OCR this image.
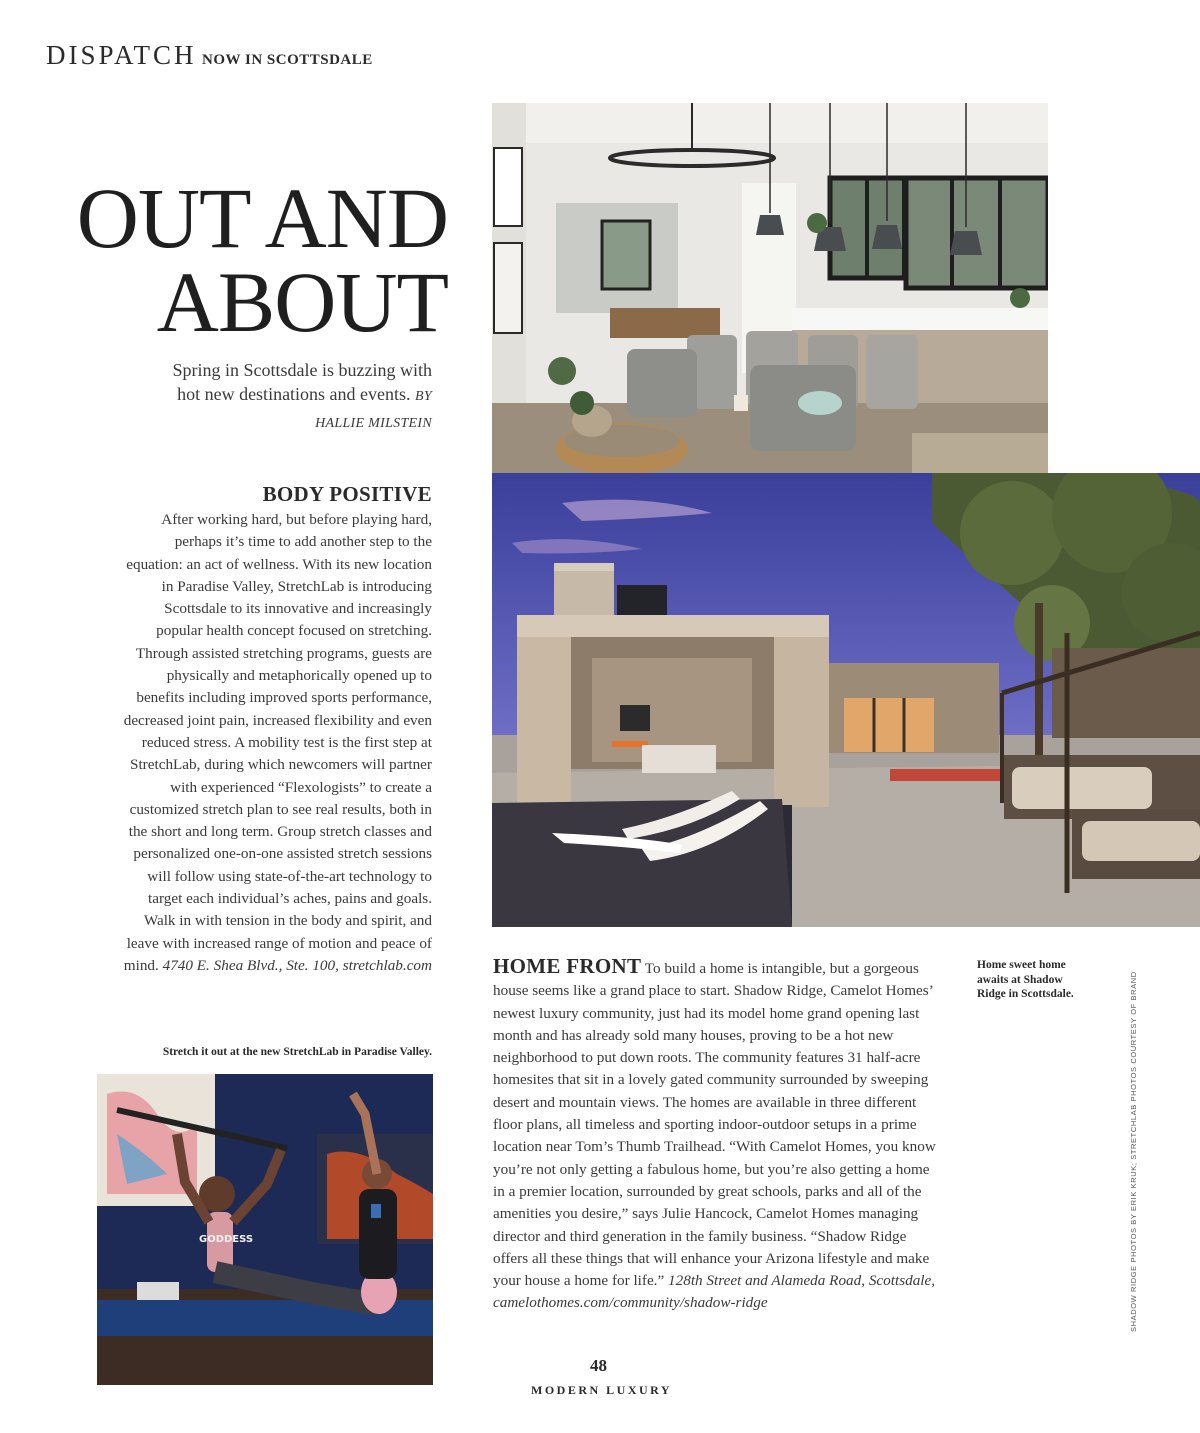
DISPATCH NOW IN SCOTTSDALE
OUT AND
ABOUT
Spring in Scottsdale is buzzing with hot new destinations and events. BY HALLIE MILSTEIN
BODY POSITIVE
After working hard, but before playing hard, perhaps it’s time to add another step to the equation: an act of wellness. With its new location in Paradise Valley, StretchLab is introducing Scottsdale to its innovative and increasingly popular health concept focused on stretching. Through assisted stretching programs, guests are physically and metaphorically opened up to benefits including improved sports performance, decreased joint pain, increased flexibility and even reduced stress. A mobility test is the first step at StretchLab, during which newcomers will partner with experienced “Flexologists” to create a customized stretch plan to see real results, both in the short and long term. Group stretch classes and personalized one-on-one assisted stretch sessions will follow using state-of-the-art technology to target each individual’s aches, pains and goals. Walk in with tension in the body and spirit, and leave with increased range of motion and peace of mind. 4740 E. Shea Blvd., Ste. 100, stretchlab.com
Stretch it out at the new StretchLab in Paradise Valley.
GODDESS
HOME FRONT To build a home is intangible, but a gorgeous house seems like a grand place to start. Shadow Ridge, Camelot Homes’ newest luxury community, just had its model home grand opening last month and has already sold many houses, proving to be a hot new neighborhood to put down roots. The community features 31 half-acre homesites that sit in a lovely gated community surrounded by sweeping desert and mountain views. The homes are available in three different floor plans, all timeless and sporting indoor-outdoor setups in a prime location near Tom’s Thumb Trailhead. “With Camelot Homes, you know you’re not only getting a fabulous home, but you’re also getting a home in a premier location, surrounded by great schools, parks and all of the amenities you desire,” says Julie Hancock, Camelot Homes managing director and third generation in the family business. “Shadow Ridge offers all these things that will enhance your Arizona lifestyle and make your house a home for life.” 128th Street and Alameda Road, Scottsdale, camelothomes.com/community/shadow-ridge
Home sweet home awaits at Shadow Ridge in Scottsdale.	SHADOW RIDGE PHOTOS BY ERIK KRUK; STRETCHLAB PHOTOS COURTESY OF BRAND
48
MODERN LUXURY
